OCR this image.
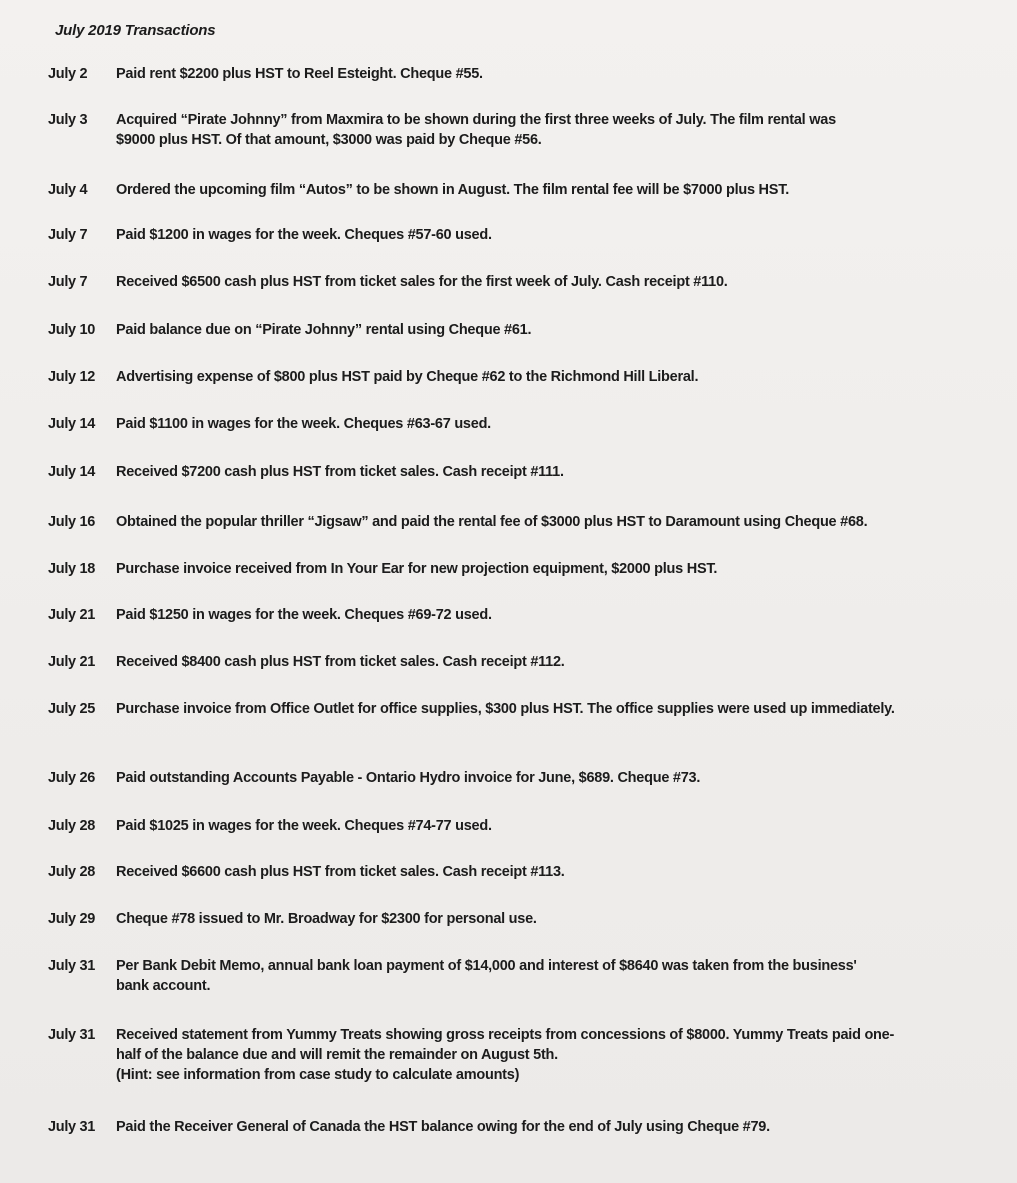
July 2019 Transactions
July 2	Paid rent $2200 plus HST to Reel Esteight. Cheque #55.
July 3	Acquired “Pirate Johnny” from Maxmira to be shown during the first three weeks of July. The film rental was $9000 plus HST. Of that amount, $3000 was paid by Cheque #56.
July 4	Ordered the upcoming film “Autos” to be shown in August. The film rental fee will be $7000 plus HST.
July 7	Paid $1200 in wages for the week. Cheques #57-60 used.
July 7	Received $6500 cash plus HST from ticket sales for the first week of July. Cash receipt #110.
July 10	Paid balance due on “Pirate Johnny” rental using Cheque #61.
July 12	Advertising expense of $800 plus HST paid by Cheque #62 to the Richmond Hill Liberal.
July 14	Paid $1100 in wages for the week. Cheques #63-67 used.
July 14	Received $7200 cash plus HST from ticket sales. Cash receipt #111.
July 16	Obtained the popular thriller “Jigsaw” and paid the rental fee of $3000 plus HST to Daramount using Cheque #68.
July 18	Purchase invoice received from In Your Ear for new projection equipment, $2000 plus HST.
July 21	Paid $1250 in wages for the week. Cheques #69-72 used.
July 21	Received $8400 cash plus HST from ticket sales. Cash receipt #112.
July 25	Purchase invoice from Office Outlet for office supplies, $300 plus HST. The office supplies were used up immediately.
July 26	Paid outstanding Accounts Payable - Ontario Hydro invoice for June, $689. Cheque #73.
July 28	Paid $1025 in wages for the week. Cheques #74-77 used.
July 28	Received $6600 cash plus HST from ticket sales. Cash receipt #113.
July 29	Cheque #78 issued to Mr. Broadway for $2300 for personal use.
July 31	Per Bank Debit Memo, annual bank loan payment of $14,000 and interest of $8640 was taken from the business' bank account.
July 31	Received statement from Yummy Treats showing gross receipts from concessions of $8000. Yummy Treats paid one-half of the balance due and will remit the remainder on August 5th.
(Hint: see information from case study to calculate amounts)
July 31	Paid the Receiver General of Canada the HST balance owing for the end of July using Cheque #79.
